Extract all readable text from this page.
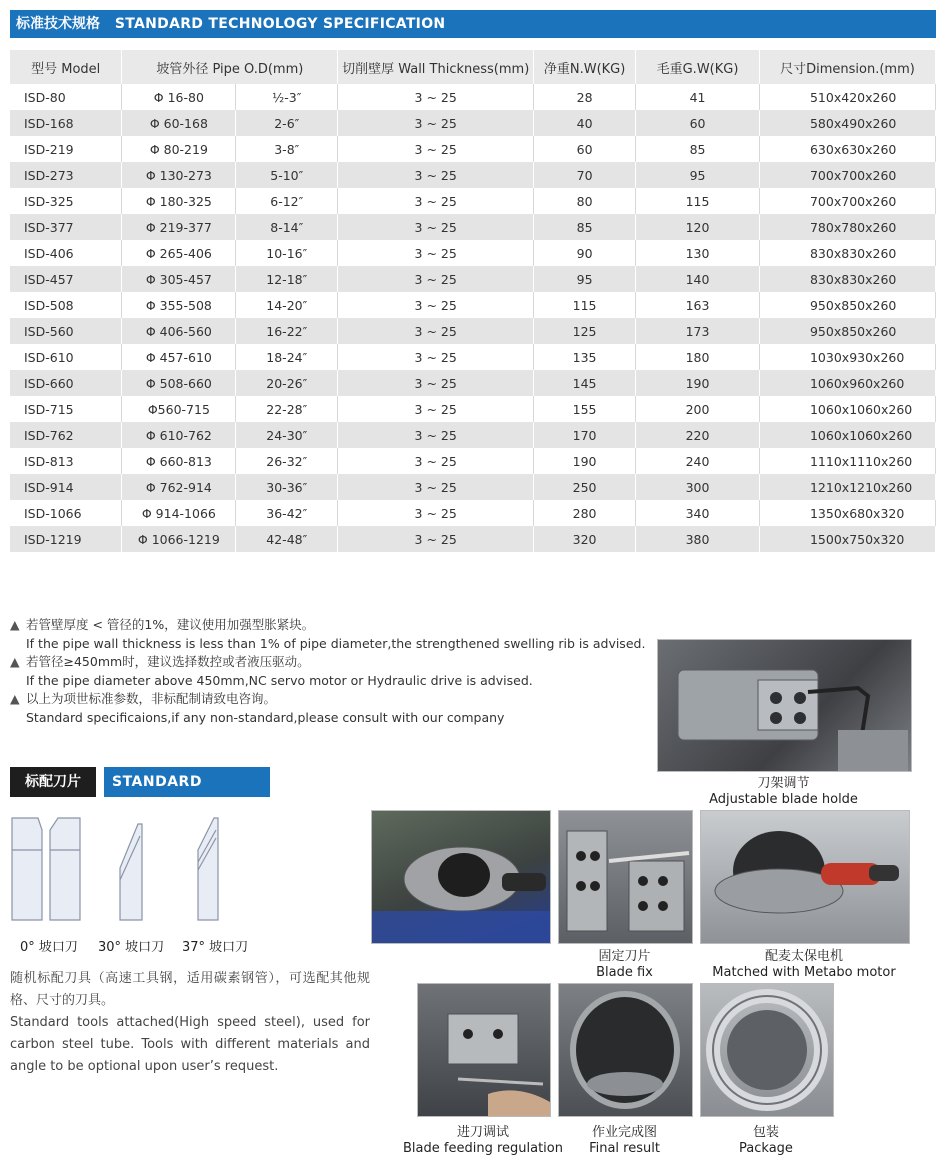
标准技术规格 STANDARD TECHNOLOGY SPECIFICATION
型号 Model	坡管外径 Pipe O.D(mm)		切削壁厚 Wall Thickness(mm)	净重N.W(KG)	毛重G.W(KG)	尺寸Dimension.(mm)
ISD-80	Φ 16-80	½-3″	3 ~ 25	28	41	510x420x260
ISD-168	Φ 60-168	2-6″	3 ~ 25	40	60	580x490x260
ISD-219	Φ 80-219	3-8″	3 ~ 25	60	85	630x630x260
ISD-273	Φ 130-273	5-10″	3 ~ 25	70	95	700x700x260
ISD-325	Φ 180-325	6-12″	3 ~ 25	80	115	700x700x260
ISD-377	Φ 219-377	8-14″	3 ~ 25	85	120	780x780x260
ISD-406	Φ 265-406	10-16″	3 ~ 25	90	130	830x830x260
ISD-457	Φ 305-457	12-18″	3 ~ 25	95	140	830x830x260
ISD-508	Φ 355-508	14-20″	3 ~ 25	115	163	950x850x260
ISD-560	Φ 406-560	16-22″	3 ~ 25	125	173	950x850x260
ISD-610	Φ 457-610	18-24″	3 ~ 25	135	180	1030x930x260
ISD-660	Φ 508-660	20-26″	3 ~ 25	145	190	1060x960x260
ISD-715	Φ560-715	22-28″	3 ~ 25	155	200	1060x1060x260
ISD-762	Φ 610-762	24-30″	3 ~ 25	170	220	1060x1060x260
ISD-813	Φ 660-813	26-32″	3 ~ 25	190	240	1110x1110x260
ISD-914	Φ 762-914	30-36″	3 ~ 25	250	300	1210x1210x260
ISD-1066	Φ 914-1066	36-42″	3 ~ 25	280	340	1350x680x320
ISD-1219	Φ 1066-1219	42-48″	3 ~ 25	320	380	1500x750x320
▲ 若管壁厚度 < 管径的1%，建议使用加强型胀紧块。
If the pipe wall thickness is less than 1% of pipe diameter,the strengthened swelling rib is advised.
▲ 若管径≥450mm时，建议选择数控或者液压驱动。
If the pipe diameter above 450mm,NC servo motor or Hydraulic drive is advised.
▲ 以上为项世标准参数，非标配制请致电咨询。
Standard specificaions,if any non-standard,please consult with our company
标配刀片	STANDARD BLADES
0° 坡口刀 30° 坡口刀 37° 坡口刀
随机标配刀具（高速工具钢，适用碳素钢管），可选配其他规格、尺寸的刀具。
Standard tools attached(High speed steel), used for carbon steel tube. Tools with different materials and angle to be optional upon user’s request.
刀架调节
Adjustable blade holde
固定刀片
Blade fix
配麦太保电机
Matched with Metabo motor
进刀调试
Blade feeding regulation
作业完成图
Final result
包装
Package
